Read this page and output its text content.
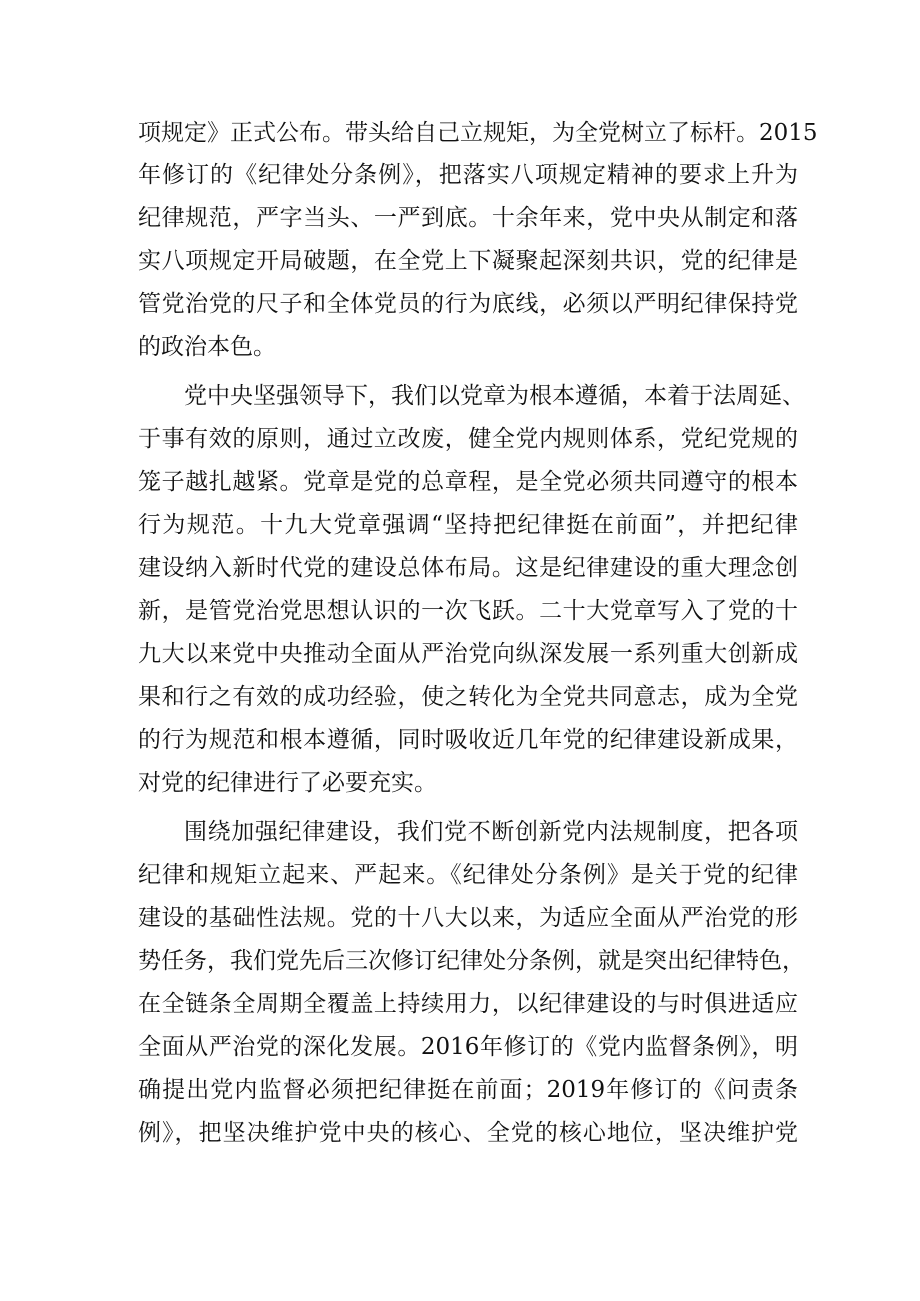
项规定》正式公布。带头给自己立规矩，为全党树立了标杆。2015
年修订的《纪律处分条例》，把落实八项规定精神的要求上升为
纪律规范，严字当头、一严到底。十余年来，党中央从制定和落
实八项规定开局破题，在全党上下凝聚起深刻共识，党的纪律是
管党治党的尺子和全体党员的行为底线，必须以严明纪律保持党
的政治本色。
党中央坚强领导下，我们以党章为根本遵循，本着于法周延、
于事有效的原则，通过立改废，健全党内规则体系，党纪党规的
笼子越扎越紧。党章是党的总章程，是全党必须共同遵守的根本
行为规范。十九大党章强调“坚持把纪律挺在前面”，并把纪律
建设纳入新时代党的建设总体布局。这是纪律建设的重大理念创
新，是管党治党思想认识的一次飞跃。二十大党章写入了党的十
九大以来党中央推动全面从严治党向纵深发展一系列重大创新成
果和行之有效的成功经验，使之转化为全党共同意志，成为全党
的行为规范和根本遵循，同时吸收近几年党的纪律建设新成果，
对党的纪律进行了必要充实。
围绕加强纪律建设，我们党不断创新党内法规制度，把各项
纪律和规矩立起来、严起来。《纪律处分条例》是关于党的纪律
建设的基础性法规。党的十八大以来，为适应全面从严治党的形
势任务，我们党先后三次修订纪律处分条例，就是突出纪律特色，
在全链条全周期全覆盖上持续用力，以纪律建设的与时俱进适应
全面从严治党的深化发展。2016年修订的《党内监督条例》，明
确提出党内监督必须把纪律挺在前面；2019年修订的《问责条
例》，把坚决维护党中央的核心、全党的核心地位，坚决维护党
